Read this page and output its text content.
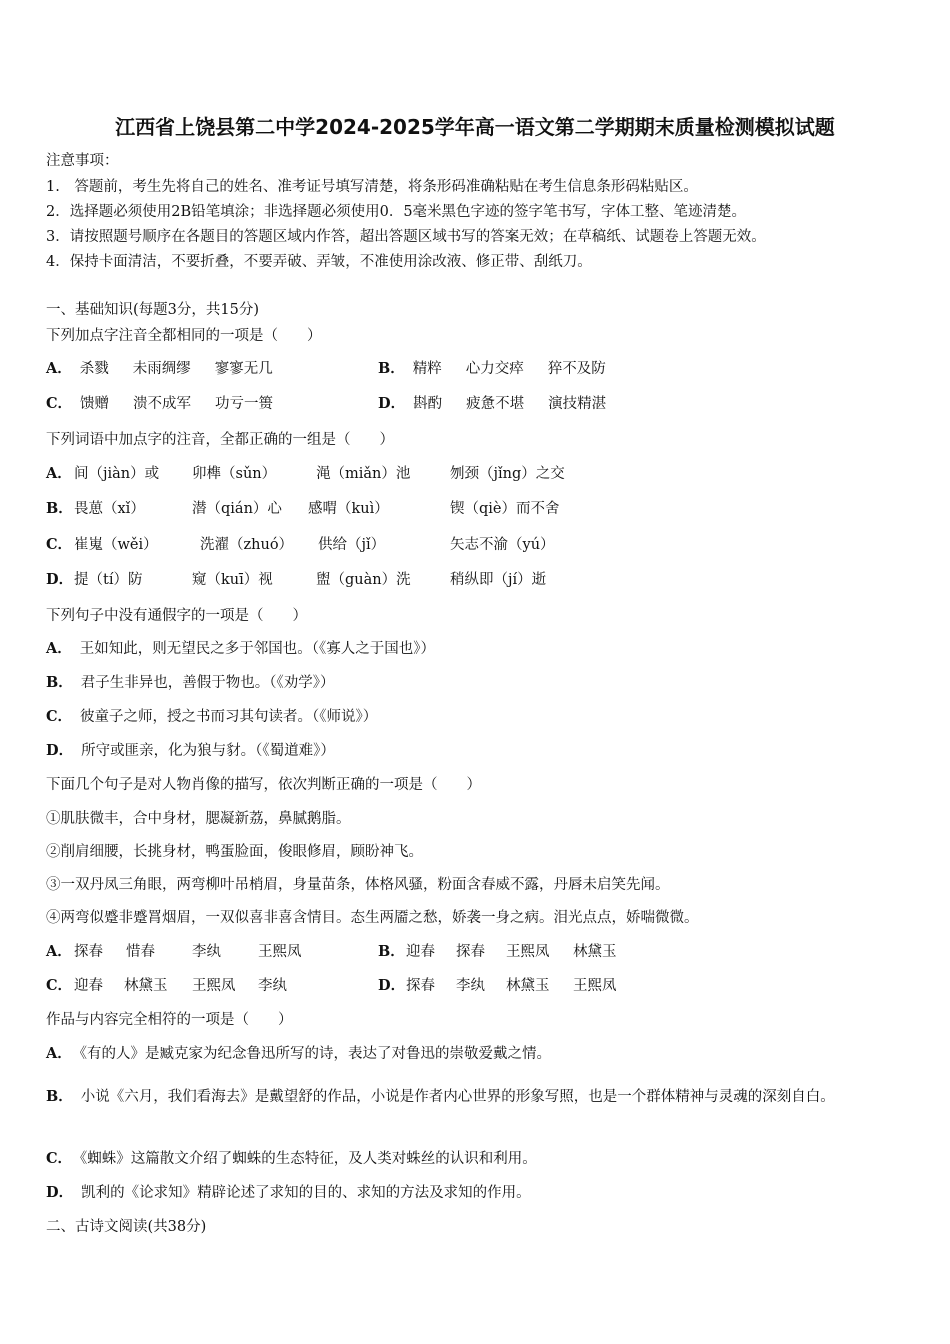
江西省上饶县第二中学2024-2025学年高一语文第二学期期末质量检测模拟试题
注意事项：
1.　答题前，考生先将自己的姓名、准考证号填写清楚，将条形码准确粘贴在考生信息条形码粘贴区。
2．选择题必须使用2B铅笔填涂；非选择题必须使用0．5毫米黑色字迹的签字笔书写，字体工整、笔迹清楚。
3．请按照题号顺序在各题目的答题区域内作答，超出答题区域书写的答案无效；在草稿纸、试题卷上答题无效。
4．保持卡面清洁，不要折叠，不要弄破、弄皱，不准使用涂改液、修正带、刮纸刀。
一、基础知识(每题3分，共15分)
下列加点字注音全都相同的一项是（　　）
A． 杀戮 未雨绸缪 寥寥无几	B． 精粹 心力交瘁 猝不及防
C． 馈赠 溃不成军 功亏一篑	D． 斟酌 疲惫不堪 演技精湛
下列词语中加点字的注音，全都正确的一组是（　　）
A． 间（jiàn）或 卯榫（sǔn）	渑（miǎn）池	刎颈（jǐng）之交
B． 畏葸（xǐ）	潜（qián）心 感喟（kuì）	锲（qiè）而不舍
C． 崔嵬（wěi）	洗濯（zhuó） 供给（jǐ）	矢志不渝（yú）
D． 提（tí）防	窥（kuī）视	盥（guàn）洗	稍纵即（jí）逝
下列句子中没有通假字的一项是（　　）
A． 王如知此，则无望民之多于邻国也。（《寡人之于国也》）
B． 君子生非异也，善假于物也。（《劝学》）
C． 彼童子之师，授之书而习其句读者。（《师说》）
D． 所守或匪亲，化为狼与豺。（《蜀道难》）
下面几个句子是对人物肖像的描写，依次判断正确的一项是（　　）
①肌肤微丰，合中身材，腮凝新荔，鼻腻鹅脂。
②削肩细腰，长挑身材，鸭蛋脸面，俊眼修眉，顾盼神飞。
③一双丹凤三角眼，两弯柳叶吊梢眉，身量苗条，体格风骚，粉面含春威不露，丹唇未启笑先闻。
④两弯似蹙非蹙罥烟眉，一双似喜非喜含情目。态生两靥之愁，娇袭一身之病。泪光点点，娇喘微微。
A． 探春 惜春	李纨	王熙凤	B． 迎春 探春 王熙凤 林黛玉
C． 迎春 林黛玉 王熙凤 李纨	D． 探春 李纨 林黛玉 王熙凤
作品与内容完全相符的一项是（　　）
A． 《有的人》是臧克家为纪念鲁迅所写的诗，表达了对鲁迅的崇敬爱戴之情。
B． 小说《六月，我们看海去》是戴望舒的作品，小说是作者内心世界的形象写照，也是一个群体精神与灵魂的深刻自白。
C． 《蜘蛛》这篇散文介绍了蜘蛛的生态特征，及人类对蛛丝的认识和利用。
D． 凯利的《论求知》精辟论述了求知的目的、求知的方法及求知的作用。
二、古诗文阅读(共38分)
